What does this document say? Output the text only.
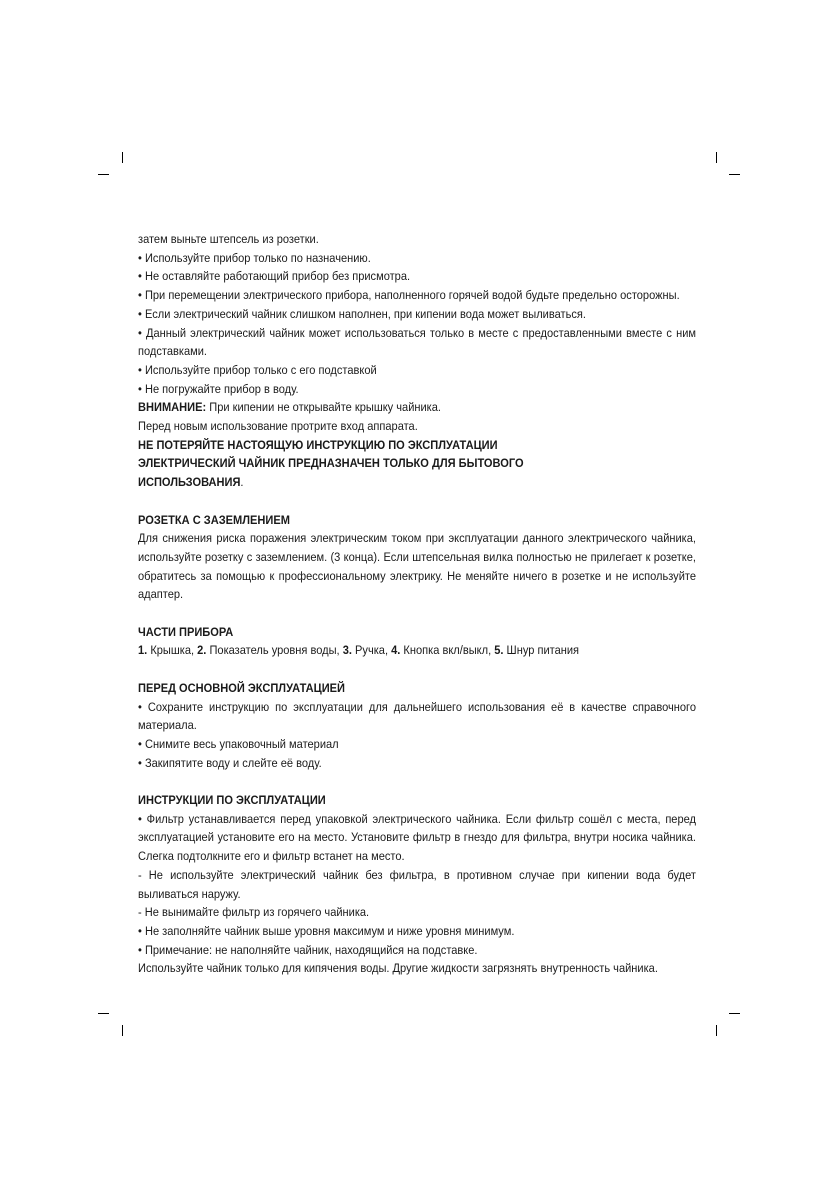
затем выньте штепсель из розетки.

• Используйте прибор только по назначению.

• Не оставляйте работающий прибор без присмотра.

• При перемещении электрического прибора, наполненного горячей водой будьте предельно осторожны.

• Если электрический чайник слишком наполнен, при кипении вода может выливаться.

• Данный электрический чайник может использоваться только в месте с предоставленными вместе с ним подставками.

• Используйте прибор только с его подставкой

• Не погружайте прибор в воду.

ВНИМАНИЕ: При кипении не открывайте крышку чайника.

Перед новым использование протрите вход аппарата.

НЕ ПОТЕРЯЙТЕ НАСТОЯЩУЮ ИНСТРУКЦИЮ ПО ЭКСПЛУАТАЦИИ

ЭЛЕКТРИЧЕСКИЙ ЧАЙНИК ПРЕДНАЗНАЧЕН ТОЛЬКО ДЛЯ БЫТОВОГО ИСПОЛЬЗОВАНИЯ.

РОЗЕТКА С ЗАЗЕМЛЕНИЕМ

Для снижения риска поражения электрическим током при эксплуатации данного электрического чайника, используйте розетку с заземлением. (3 конца). Если штепсельная вилка полностью не прилегает к розетке, обратитесь за помощью к профессиональному электрику. Не меняйте ничего в розетке и не используйте адаптер.

ЧАСТИ ПРИБОРА

1. Крышка, 2. Показатель уровня воды, 3. Ручка, 4. Кнопка вкл/выкл, 5. Шнур питания

ПЕРЕД ОСНОВНОЙ ЭКСПЛУАТАЦИЕЙ

• Сохраните инструкцию по эксплуатации для дальнейшего использования её в качестве справочного материала.

• Снимите весь упаковочный материал

• Закипятите воду и слейте её воду.

ИНСТРУКЦИИ ПО ЭКСПЛУАТАЦИИ

• Фильтр устанавливается перед упаковкой электрического чайника. Если фильтр сошёл с места, перед эксплуатацией установите его на место. Установите фильтр в гнездо для фильтра, внутри носика чайника. Слегка подтолкните его и фильтр встанет на место.

- Не используйте электрический чайник без фильтра, в противном случае при кипении вода будет выливаться наружу.

- Не вынимайте фильтр из горячего чайника.

• Не заполняйте чайник выше уровня максимум и ниже уровня минимум.

• Примечание: не наполняйте чайник, находящийся на подставке.

Используйте чайник только для кипячения воды. Другие жидкости загрязнять внутренность чайника.
